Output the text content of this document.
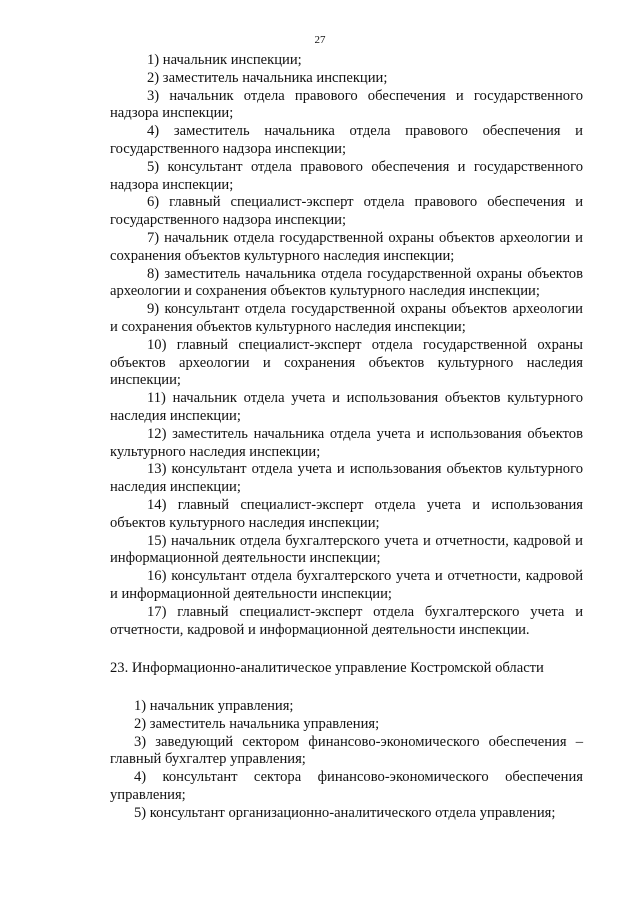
27

1) начальник инспекции;

2) заместитель начальника инспекции;

3) начальник отдела правового обеспечения и государственного надзора инспекции;

4) заместитель начальника отдела правового обеспечения и государственного надзора инспекции;

5) консультант отдела правового обеспечения и государственного надзора инспекции;

6) главный специалист-эксперт отдела правового обеспечения и государственного надзора инспекции;

7) начальник отдела государственной охраны объектов археологии и сохранения объектов культурного наследия инспекции;

8) заместитель начальника отдела государственной охраны объектов археологии и сохранения объектов культурного наследия инспекции;

9) консультант отдела государственной охраны объектов археологии и сохранения объектов культурного наследия инспекции;

10) главный специалист-эксперт отдела государственной охраны объектов археологии и сохранения объектов культурного наследия инспекции;

11) начальник отдела учета и использования объектов культурного наследия инспекции;

12) заместитель начальника отдела учета и использования объектов культурного наследия инспекции;

13) консультант отдела учета и использования объектов культурного наследия инспекции;

14) главный специалист-эксперт отдела учета и использования объектов культурного наследия инспекции;

15) начальник отдела бухгалтерского учета и отчетности, кадровой и информационной деятельности инспекции;

16) консультант отдела бухгалтерского учета и отчетности, кадровой и информационной деятельности инспекции;

17) главный специалист-эксперт отдела бухгалтерского учета и отчетности, кадровой и информационной деятельности инспекции.

23. Информационно-аналитическое управление Костромской области

1) начальник управления;

2) заместитель начальника управления;

3) заведующий сектором финансово-экономического обеспечения – главный бухгалтер управления;

4) консультант сектора финансово-экономического обеспечения управления;

5) консультант организационно-аналитического отдела управления;
